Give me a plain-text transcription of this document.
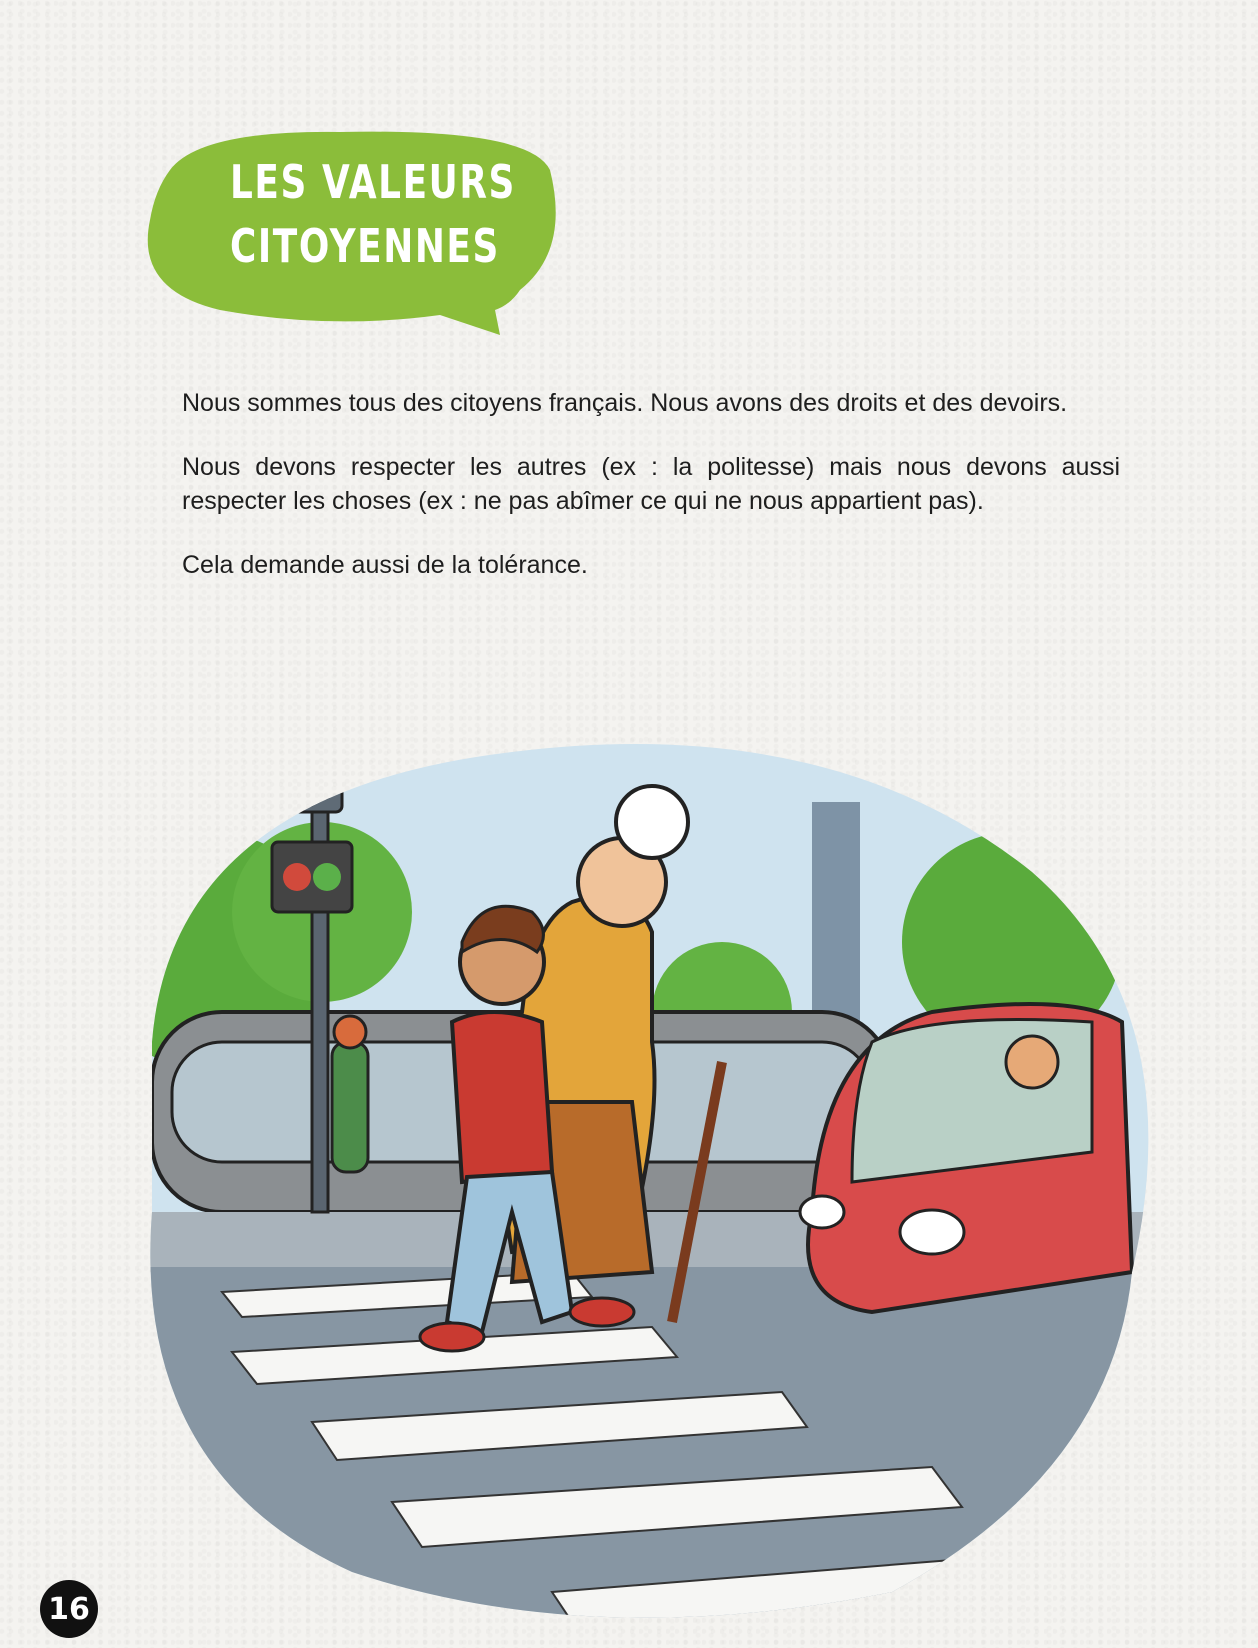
LES VALEURS
CITOYENNES

Nous sommes tous des citoyens français. Nous avons des droits et des devoirs.

Nous devons respecter les autres (ex : la politesse) mais nous devons aussi respecter les choses (ex : ne pas abîmer ce qui ne nous appartient pas).

Cela demande aussi de la tolérance.

16
